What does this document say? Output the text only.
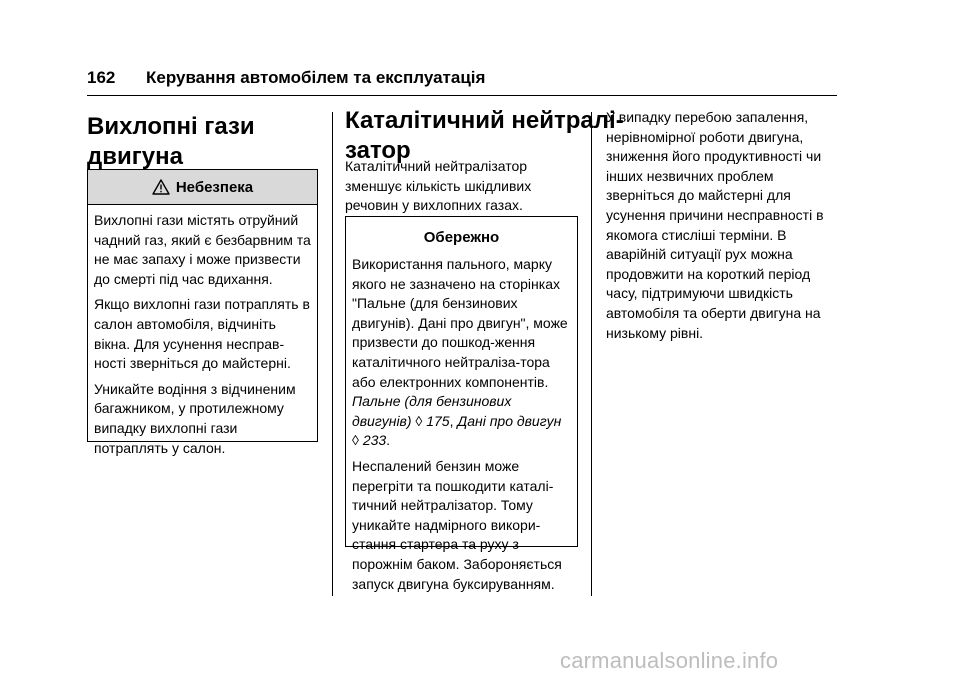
162 Керування автомобілем та експлуатація
Вихлопні гази
двигуна
Небезпека

Вихлопні гази містять отруйний чадний газ, який є безбарвним та не має запаху і може призвести до смерті під час вдихання.

Якщо вихлопні гази потраплять в салон автомобіля, відчиніть вікна. Для усунення несправ-ності зверніться до майстерні.

Уникайте водіння з відчиненим багажником, у протилежному випадку вихлопні гази потраплять у салон.

Каталітичний нейтралі-
затор

Каталітичний нейтралізатор зменшує кількість шкідливих речовин у вихлопних газах.

Обережно

Використання пального, марку якого не зазначено на сторінках "Пальне (для бензинових двигунів). Дані про двигун", може призвести до пошкод-ження каталітичного нейтраліза-тора або електронних компонентів. Пальне (для бензинових двигунів) ◊ 175, Дані про двигун ◊ 233.

Неспалений бензин може перегріти та пошкодити каталі-тичний нейтралізатор. Тому уникайте надмірного викори-стання стартера та руху з порожнім баком. Забороняється запуск двигуна буксируванням.

У випадку перебою запалення, нерівномірної роботи двигуна, зниження його продуктивності чи інших незвичних проблем зверніться до майстерні для усунення причини несправності в якомога стисліші терміни. В аварійній ситуації рух можна продовжити на короткий період часу, підтримуючи швидкість автомобіля та оберти двигуна на низькому рівні.

carmanualsonline.info
